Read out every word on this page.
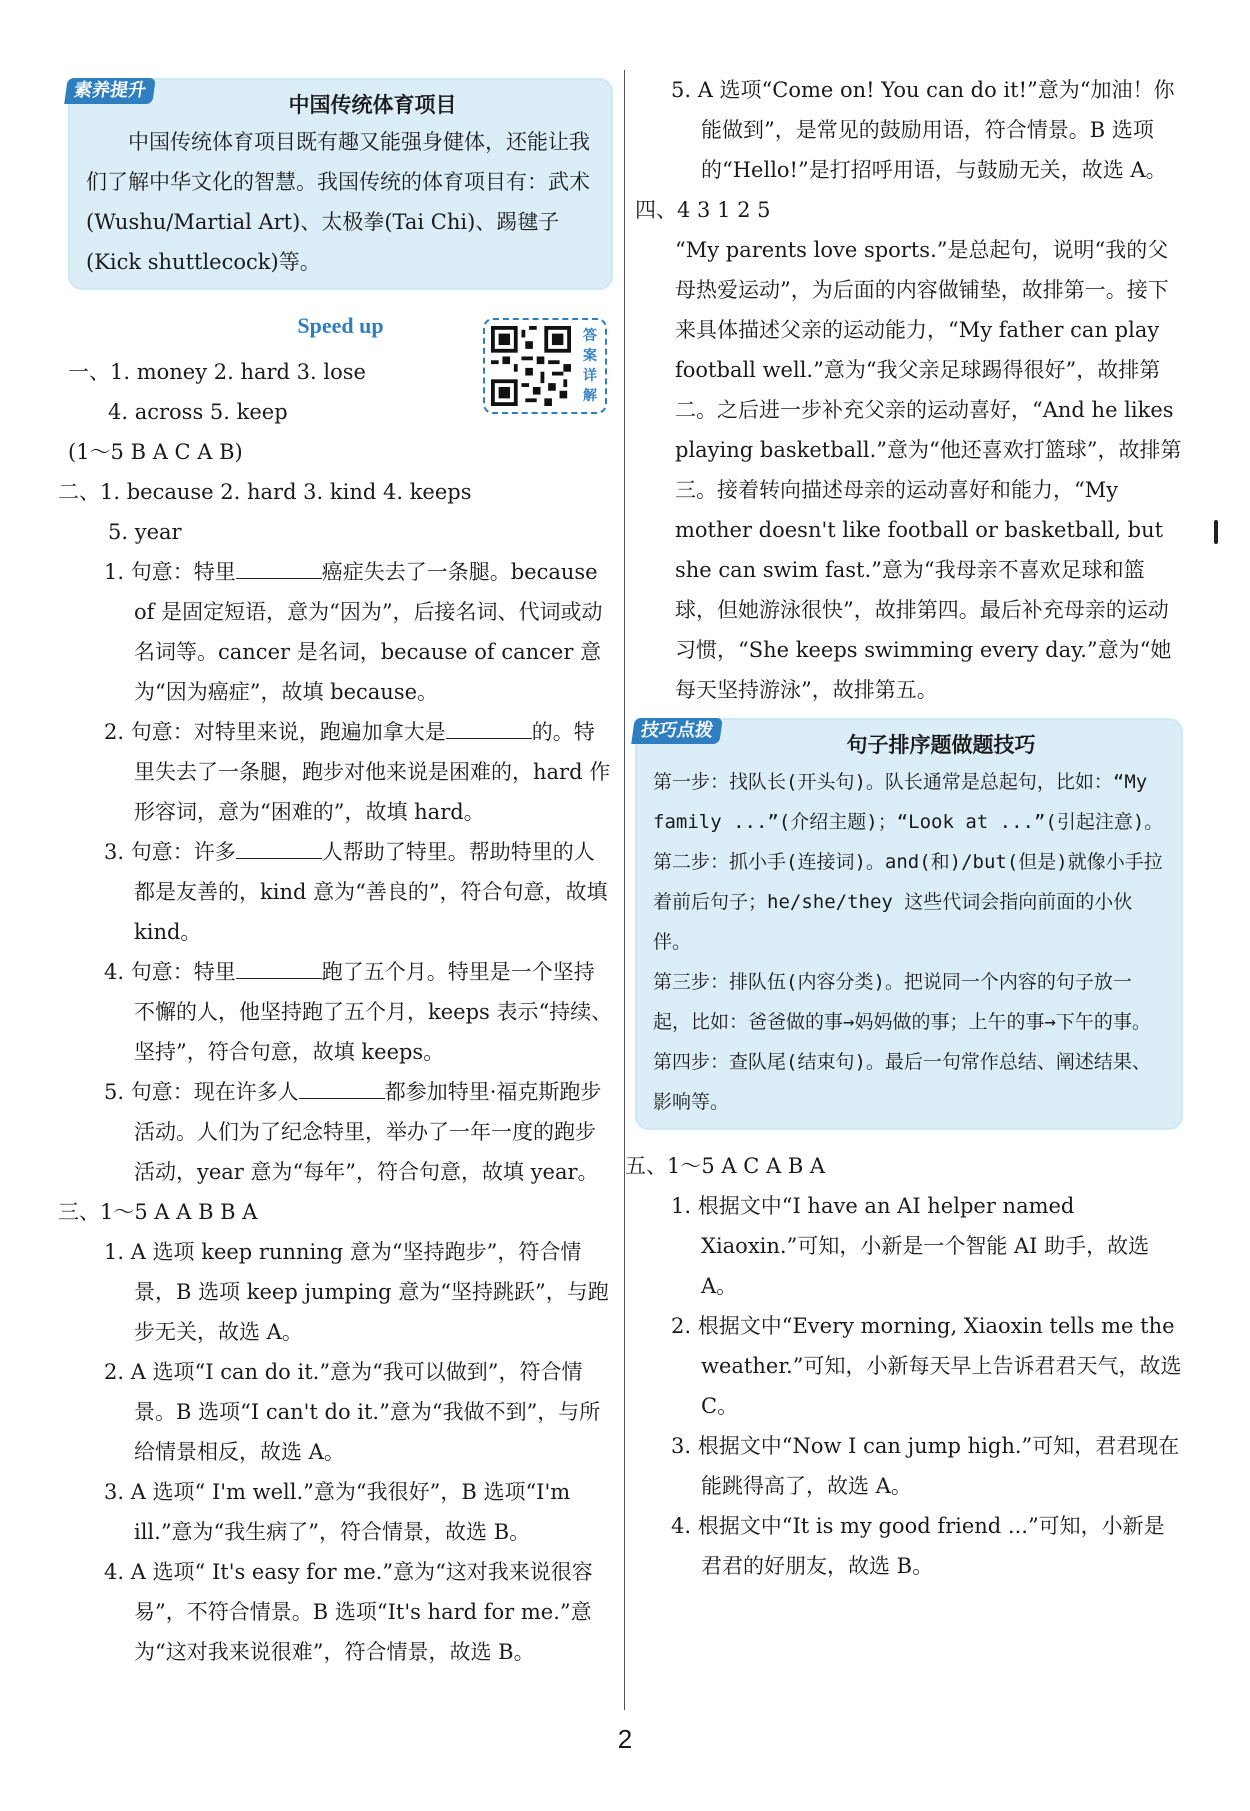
素养提升
中国传统体育项目

中国传统体育项目既有趣又能强身健体，还能让我们了解中华文化的智慧。我国传统的体育项目有：武术(Wushu/Martial Art)、太极拳(Tai Chi)、踢毽子(Kick shuttlecock)等。

Speed up	答案详解

一、1. money 2. hard 3. lose

4. across 5. keep

(1～5 B A C A B)

二、1. because 2. hard 3. kind 4. keeps

5. year

1. 句意：特里	癌症失去了一条腿。because of 是固定短语，意为“因为”，后接名词、代词或动名词等。cancer 是名词，because of cancer 意为“因为癌症”，故填 because。
2. 句意：对特里来说，跑遍加拿大是	的。特里失去了一条腿，跑步对他来说是困难的，hard 作形容词，意为“困难的”，故填 hard。
3. 句意：许多	人帮助了特里。帮助特里的人都是友善的，kind 意为“善良的”，符合句意，故填 kind。
4. 句意：特里	跑了五个月。特里是一个坚持不懈的人，他坚持跑了五个月，keeps 表示“持续、坚持”，符合句意，故填 keeps。
5. 句意：现在许多人	都参加特里·福克斯跑步活动。人们为了纪念特里，举办了一年一度的跑步活动，year 意为“每年”，符合句意，故填 year。

三、1～5 A A B B A

1. A 选项 keep running 意为“坚持跑步”，符合情景，B 选项 keep jumping 意为“坚持跳跃”，与跑步无关，故选 A。

2. A 选项“I can do it.”意为“我可以做到”，符合情景。B 选项“I can't do it.”意为“我做不到”，与所给情景相反，故选 A。

3. A 选项“ I'm well.”意为“我很好”，B 选项“I'm ill.”意为“我生病了”，符合情景，故选 B。

4. A 选项“ It's easy for me.”意为“这对我来说很容易”，不符合情景。B 选项“It's hard for me.”意为“这对我来说很难”，符合情景，故选 B。

5. A 选项“Come on! You can do it!”意为“加油！你能做到”，是常见的鼓励用语，符合情景。B 选项的“Hello!”是打招呼用语，与鼓励无关，故选 A。

四、4 3 1 2 5

“My parents love sports.”是总起句，说明“我的父母热爱运动”，为后面的内容做铺垫，故排第一。接下来具体描述父亲的运动能力，“My father can play football well.”意为“我父亲足球踢得很好”，故排第二。之后进一步补充父亲的运动喜好，“And he likes playing basketball.”意为“他还喜欢打篮球”，故排第三。接着转向描述母亲的运动喜好和能力，“My mother doesn't like football or basketball, but she can swim fast.”意为“我母亲不喜欢足球和篮球，但她游泳很快”，故排第四。最后补充母亲的运动习惯，“She keeps swimming every day.”意为“她每天坚持游泳”，故排第五。

技巧点拨
句子排序题做题技巧

第一步：找队长(开头句)。队长通常是总起句，比如：“My family ...”(介绍主题)；“Look at ...”(引起注意)。

第二步：抓小手(连接词)。and(和)/but(但是)就像小手拉着前后句子；he/she/they 这些代词会指向前面的小伙伴。

第三步：排队伍(内容分类)。把说同一个内容的句子放一起，比如：爸爸做的事→妈妈做的事；上午的事→下午的事。

第四步：查队尾(结束句)。最后一句常作总结、阐述结果、影响等。

五、1～5 A C A B A

1. 根据文中“I have an AI helper named Xiaoxin.”可知，小新是一个智能 AI 助手，故选 A。

2. 根据文中“Every morning, Xiaoxin tells me the weather.”可知，小新每天早上告诉君君天气，故选 C。

3. 根据文中“Now I can jump high.”可知，君君现在能跳得高了，故选 A。

4. 根据文中“It is my good friend ...”可知，小新是君君的好朋友，故选 B。

2
